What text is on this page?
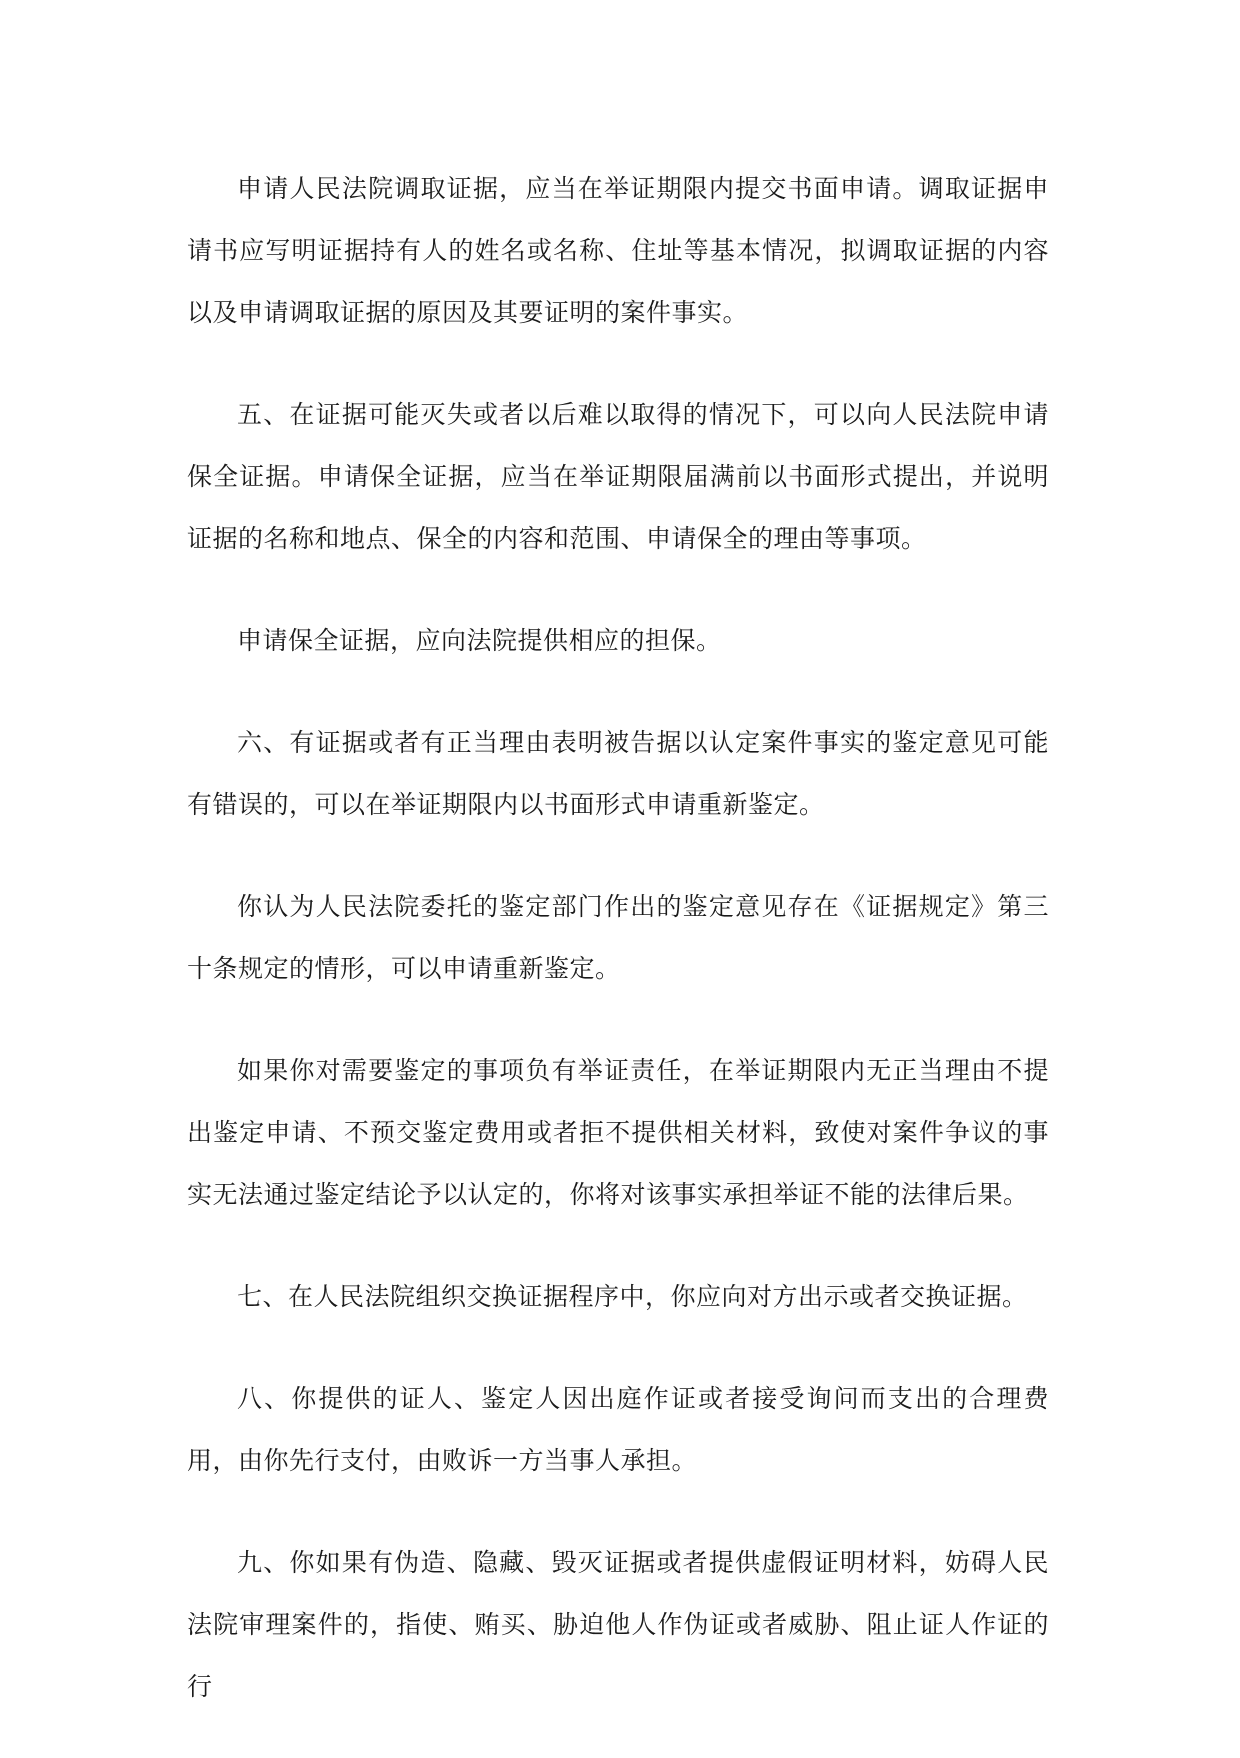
申请人民法院调取证据，应当在举证期限内提交书面申请。调取证据申请书应写明证据持有人的姓名或名称、住址等基本情况，拟调取证据的内容以及申请调取证据的原因及其要证明的案件事实。

五、在证据可能灭失或者以后难以取得的情况下，可以向人民法院申请保全证据。申请保全证据，应当在举证期限届满前以书面形式提出，并说明证据的名称和地点、保全的内容和范围、申请保全的理由等事项。

申请保全证据，应向法院提供相应的担保。

六、有证据或者有正当理由表明被告据以认定案件事实的鉴定意见可能有错误的，可以在举证期限内以书面形式申请重新鉴定。

你认为人民法院委托的鉴定部门作出的鉴定意见存在《证据规定》第三十条规定的情形，可以申请重新鉴定。

如果你对需要鉴定的事项负有举证责任，在举证期限内无正当理由不提出鉴定申请、不预交鉴定费用或者拒不提供相关材料，致使对案件争议的事实无法通过鉴定结论予以认定的，你将对该事实承担举证不能的法律后果。

七、在人民法院组织交换证据程序中，你应向对方出示或者交换证据。

八、你提供的证人、鉴定人因出庭作证或者接受询问而支出的合理费用，由你先行支付，由败诉一方当事人承担。

九、你如果有伪造、隐藏、毁灭证据或者提供虚假证明材料，妨碍人民法院审理案件的，指使、贿买、胁迫他人作伪证或者威胁、阻止证人作证的行
